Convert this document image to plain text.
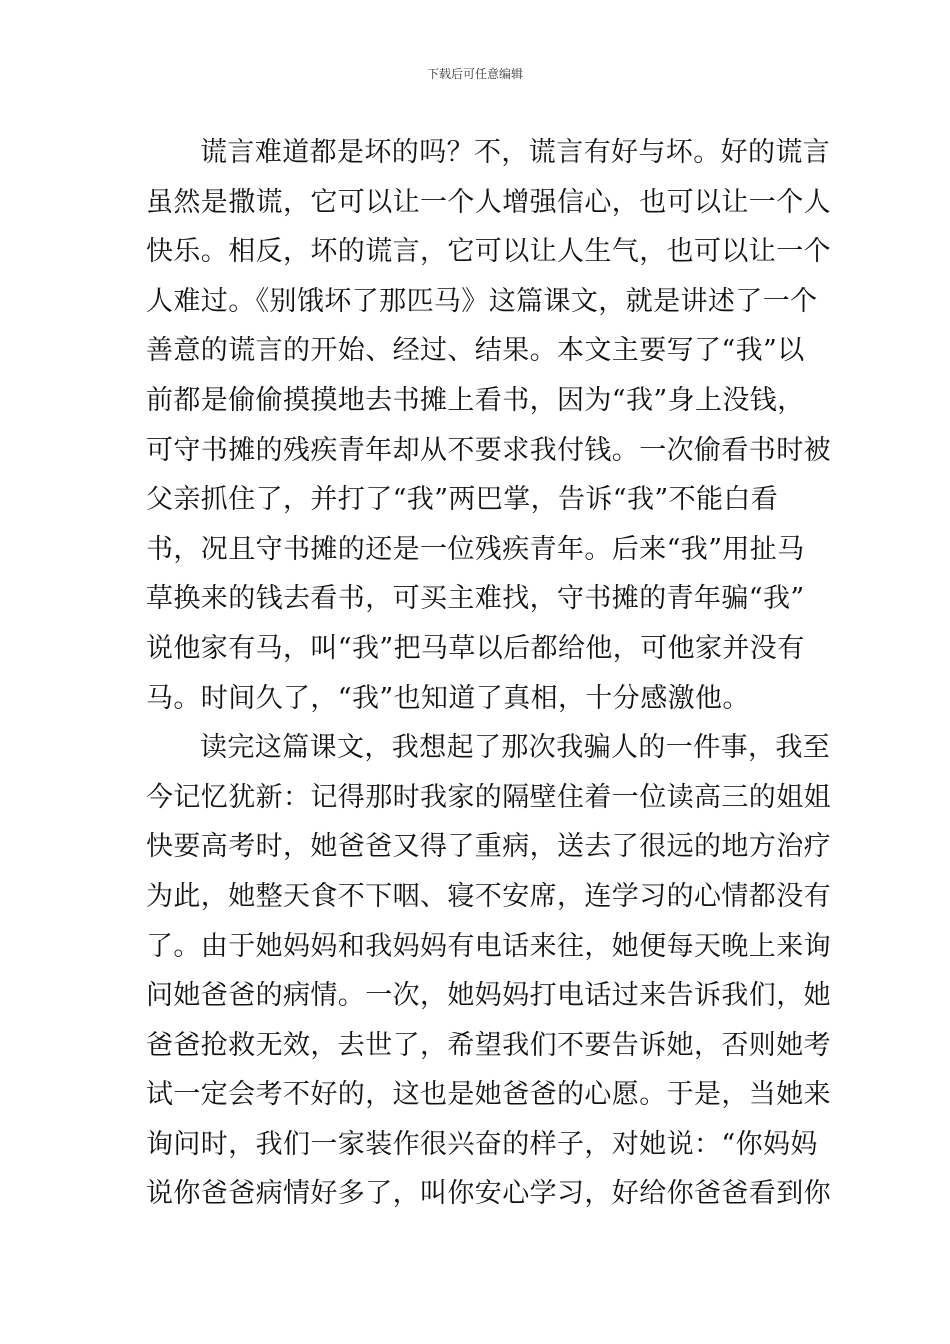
下载后可任意编辑
谎言难道都是坏的吗？不，谎言有好与坏。好的谎言
虽然是撒谎，它可以让一个人增强信心，也可以让一个人
快乐。相反，坏的谎言，它可以让人生气，也可以让一个
人难过。《别饿坏了那匹马》这篇课文，就是讲述了一个
善意的谎言的开始、经过、结果。本文主要写了“我”以
前都是偷偷摸摸地去书摊上看书，因为“我”身上没钱，
可守书摊的残疾青年却从不要求我付钱。一次偷看书时被
父亲抓住了，并打了“我”两巴掌，告诉“我”不能白看
书，况且守书摊的还是一位残疾青年。后来“我”用扯马
草换来的钱去看书，可买主难找，守书摊的青年骗“我”
说他家有马，叫“我”把马草以后都给他，可他家并没有
马。时间久了，“我”也知道了真相，十分感激他。
读完这篇课文，我想起了那次我骗人的一件事，我至
今记忆犹新：记得那时我家的隔壁住着一位读高三的姐姐
快要高考时，她爸爸又得了重病，送去了很远的地方治疗
为此，她整天食不下咽、寝不安席，连学习的心情都没有
了。由于她妈妈和我妈妈有电话来往，她便每天晚上来询
问她爸爸的病情。一次，她妈妈打电话过来告诉我们，她
爸爸抢救无效，去世了，希望我们不要告诉她，否则她考
试一定会考不好的，这也是她爸爸的心愿。于是，当她来
询问时，我们一家装作很兴奋的样子，对她说：“你妈妈
说你爸爸病情好多了，叫你安心学习，好给你爸爸看到你
